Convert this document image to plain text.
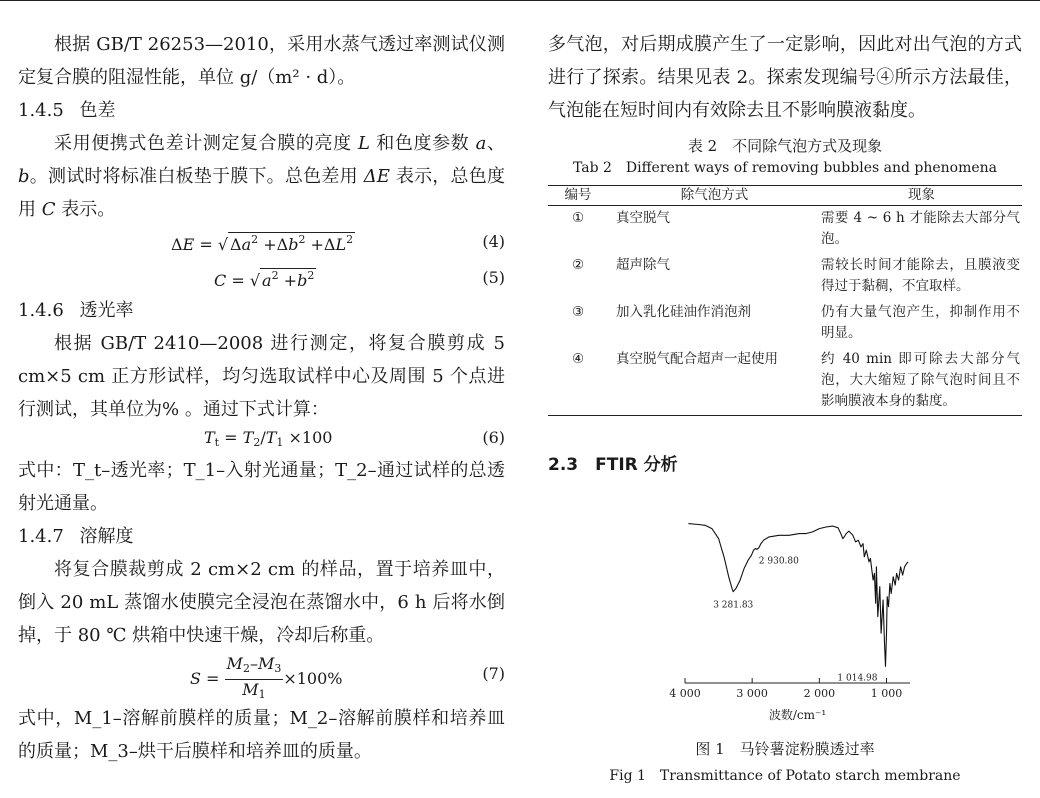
根据 GB/T 26253—2010，采用水蒸气透过率测试仪测定复合膜的阻湿性能，单位 g/（m² · d）。

1.4.5 色差

采用便携式色差计测定复合膜的亮度 L 和色度参数 a、b。测试时将标准白板垫于膜下。总色差用 ΔE 表示，总色度用 C 表示。

ΔE = √ $\Delta a^2 +\Delta b^2 +\Delta L^2$	(4)
C = √ $a^2 +b^2$	(5)

1.4.6 透光率

根据 GB/T 2410—2008 进行测定，将复合膜剪成 5 cm×5 cm 正方形试样，均匀选取试样中心及周围 5 个点进行测试，其单位为% 。通过下式计算：

$T_t = T_2/T_1 \times 100$	(6)

式中：T_t–透光率；T_1–入射光通量；T_2–通过试样的总透射光通量。

1.4.7 溶解度

将复合膜裁剪成 2 cm×2 cm 的样品，置于培养皿中，倒入 20 mL 蒸馏水使膜完全浸泡在蒸馏水中，6 h 后将水倒掉，于 80 ℃ 烘箱中快速干燥，冷却后称重。

$S = \frac{M_2-M_3}{M_1} \times 100\%$	(7)

式中，M_1–溶解前膜样的质量；M_2–溶解前膜样和培养皿的质量；M_3–烘干后膜样和培养皿的质量。

多气泡，对后期成膜产生了一定影响，因此对出气泡的方式进行了探索。结果见表 2。探索发现编号④所示方法最佳，气泡能在短时间内有效除去且不影响膜液黏度。

表 2　不同除气泡方式及现象

Tab 2　Different ways of removing bubbles and phenomena

编号	除气泡方式	现象
①	真空脱气	需要 4 ~ 6 h 才能除去大部分气泡。
②	超声除气	需较长时间才能除去，且膜液变得过于黏稠，不宜取样。
③	加入乳化硅油作消泡剂	仍有大量气泡产生，抑制作用不明显。
④	真空脱气配合超声一起使用	约 40 min 即可除去大部分气泡，大大缩短了除气泡时间且不影响膜液本身的黏度。

2.3　FTIR 分析

4 000	3 000	2 000	1 000
波数/cm⁻¹
3 281.83
2 930.80
1 014.98

图 1　马铃薯淀粉膜透过率

Fig 1　Transmittance of Potato starch membrane
